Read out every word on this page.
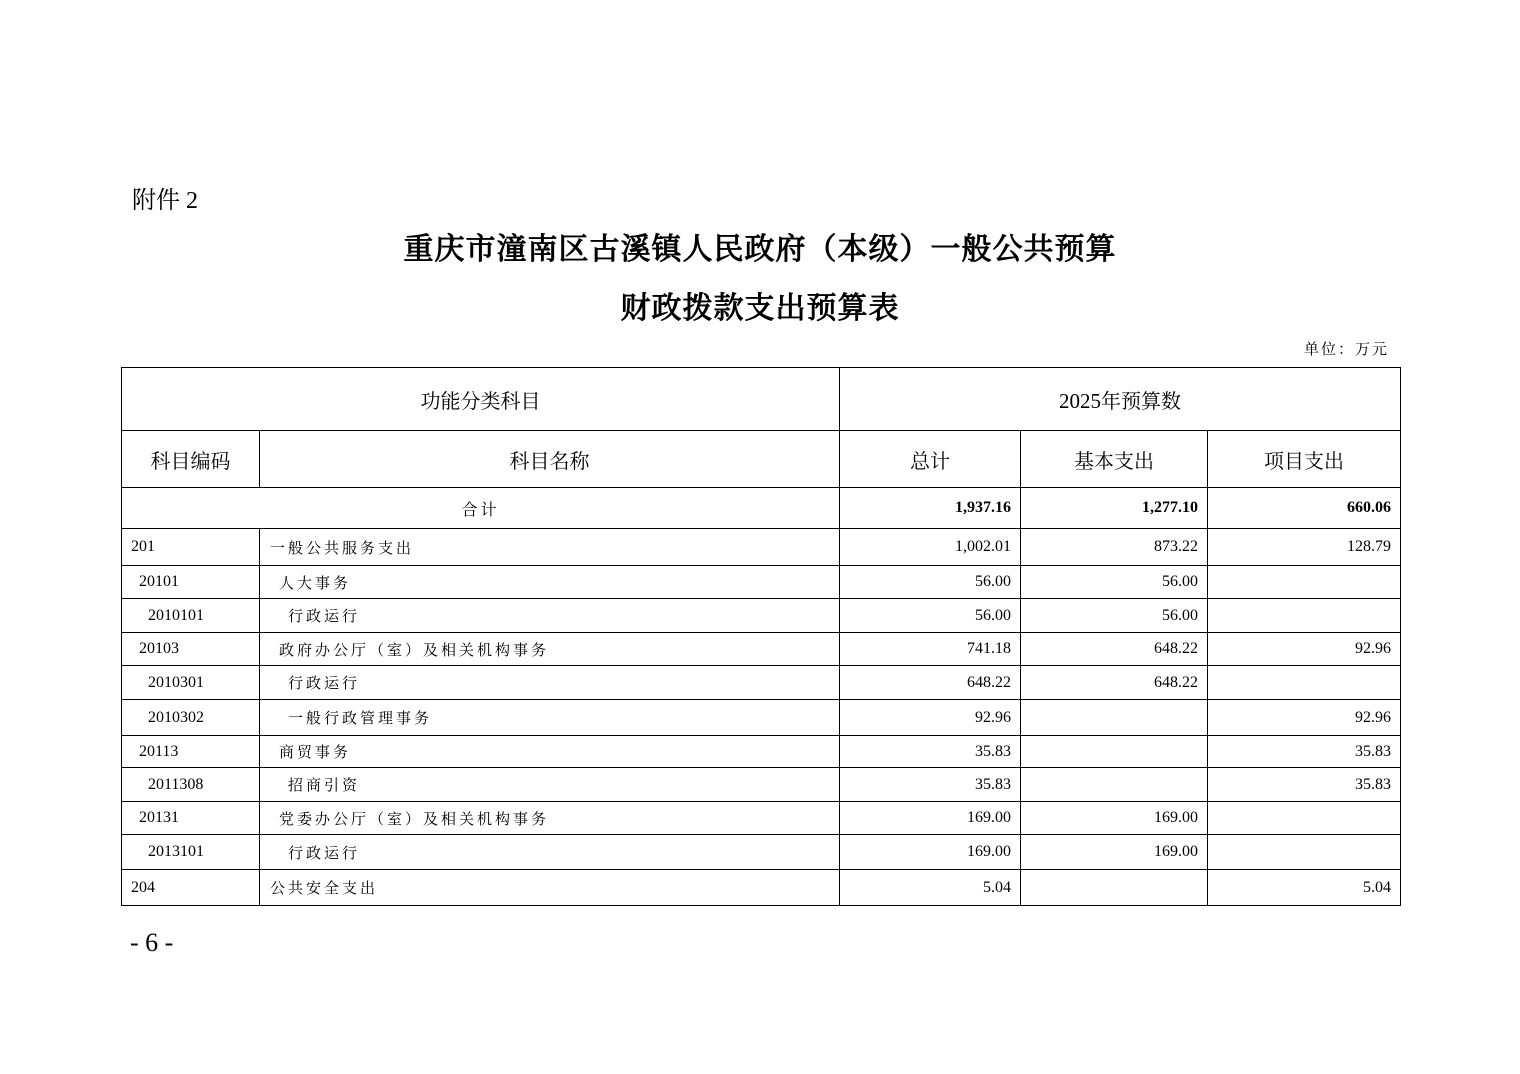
附件 2
重庆市潼南区古溪镇人民政府（本级）一般公共预算
财政拨款支出预算表
单位：万元
功能分类科目		2025年预算数		
科目编码	科目名称	总计	基本支出	项目支出
合计		1,937.16	1,277.10	660.06
201	一般公共服务支出	1,002.01	873.22	128.79
20101	人大事务	56.00	56.00	
2010101	行政运行	56.00	56.00	
20103	政府办公厅（室）及相关机构事务	741.18	648.22	92.96
2010301	行政运行	648.22	648.22	
2010302	一般行政管理事务	92.96		92.96
20113	商贸事务	35.83		35.83
2011308	招商引资	35.83		35.83
20131	党委办公厅（室）及相关机构事务	169.00	169.00	
2013101	行政运行	169.00	169.00	
204	公共安全支出	5.04		5.04
- 6 -
